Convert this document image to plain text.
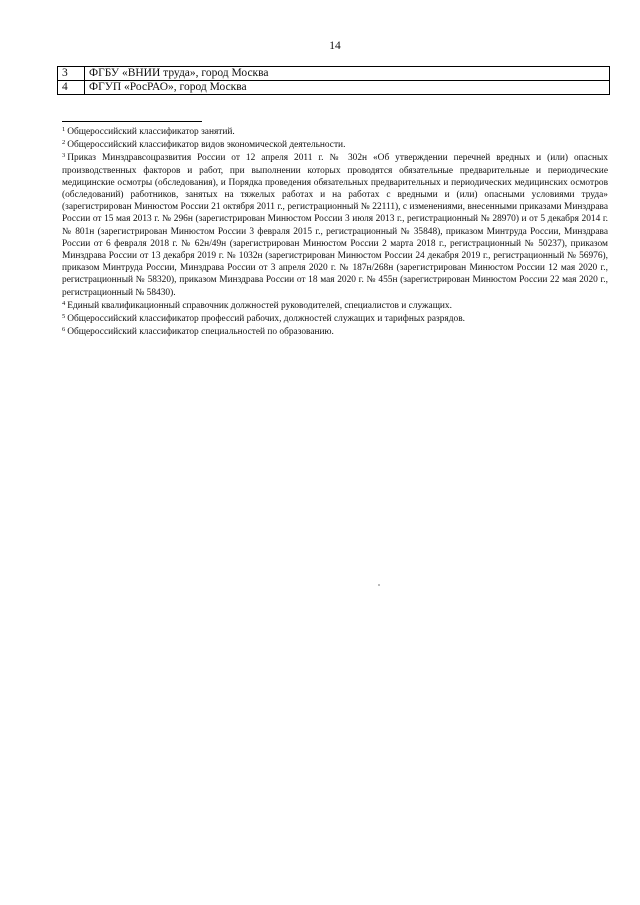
14
3	ФГБУ «ВНИИ труда», город Москва
4	ФГУП «РосРАО», город Москва

$^1$ Общероссийский классификатор занятий.

$^2$ Общероссийский классификатор видов экономической деятельности.

$^3$ Приказ Минздравсоцразвития России от 12 апреля 2011 г. № 302н «Об утверждении перечней вредных и (или) опасных производственных факторов и работ, при выполнении которых проводятся обязательные предварительные и периодические медицинские осмотры (обследования), и Порядка проведения обязательных предварительных и периодических медицинских осмотров (обследований) работников, занятых на тяжелых работах и на работах с вредными и (или) опасными условиями труда» (зарегистрирован Минюстом России 21 октября 2011 г., регистрационный № 22111), с изменениями, внесенными приказами Минздрава России от 15 мая 2013 г. № 296н (зарегистрирован Минюстом России 3 июля 2013 г., регистрационный № 28970) и от 5 декабря 2014 г. № 801н (зарегистрирован Минюстом России 3 февраля 2015 г., регистрационный № 35848), приказом Минтруда России, Минздрава России от 6 февраля 2018 г. № 62н/49н (зарегистрирован Минюстом России 2 марта 2018 г., регистрационный № 50237), приказом Минздрава России от 13 декабря 2019 г. № 1032н (зарегистрирован Минюстом России 24 декабря 2019 г., регистрационный № 56976), приказом Минтруда России, Минздрава России от 3 апреля 2020 г. № 187н/268н (зарегистрирован Минюстом России 12 мая 2020 г., регистрационный № 58320), приказом Минздрава России от 18 мая 2020 г. № 455н (зарегистрирован Минюстом России 22 мая 2020 г., регистрационный № 58430).

$^4$ Единый квалификационный справочник должностей руководителей, специалистов и служащих.

$^5$ Общероссийский классификатор профессий рабочих, должностей служащих и тарифных разрядов.

$^6$ Общероссийский классификатор специальностей по образованию.
